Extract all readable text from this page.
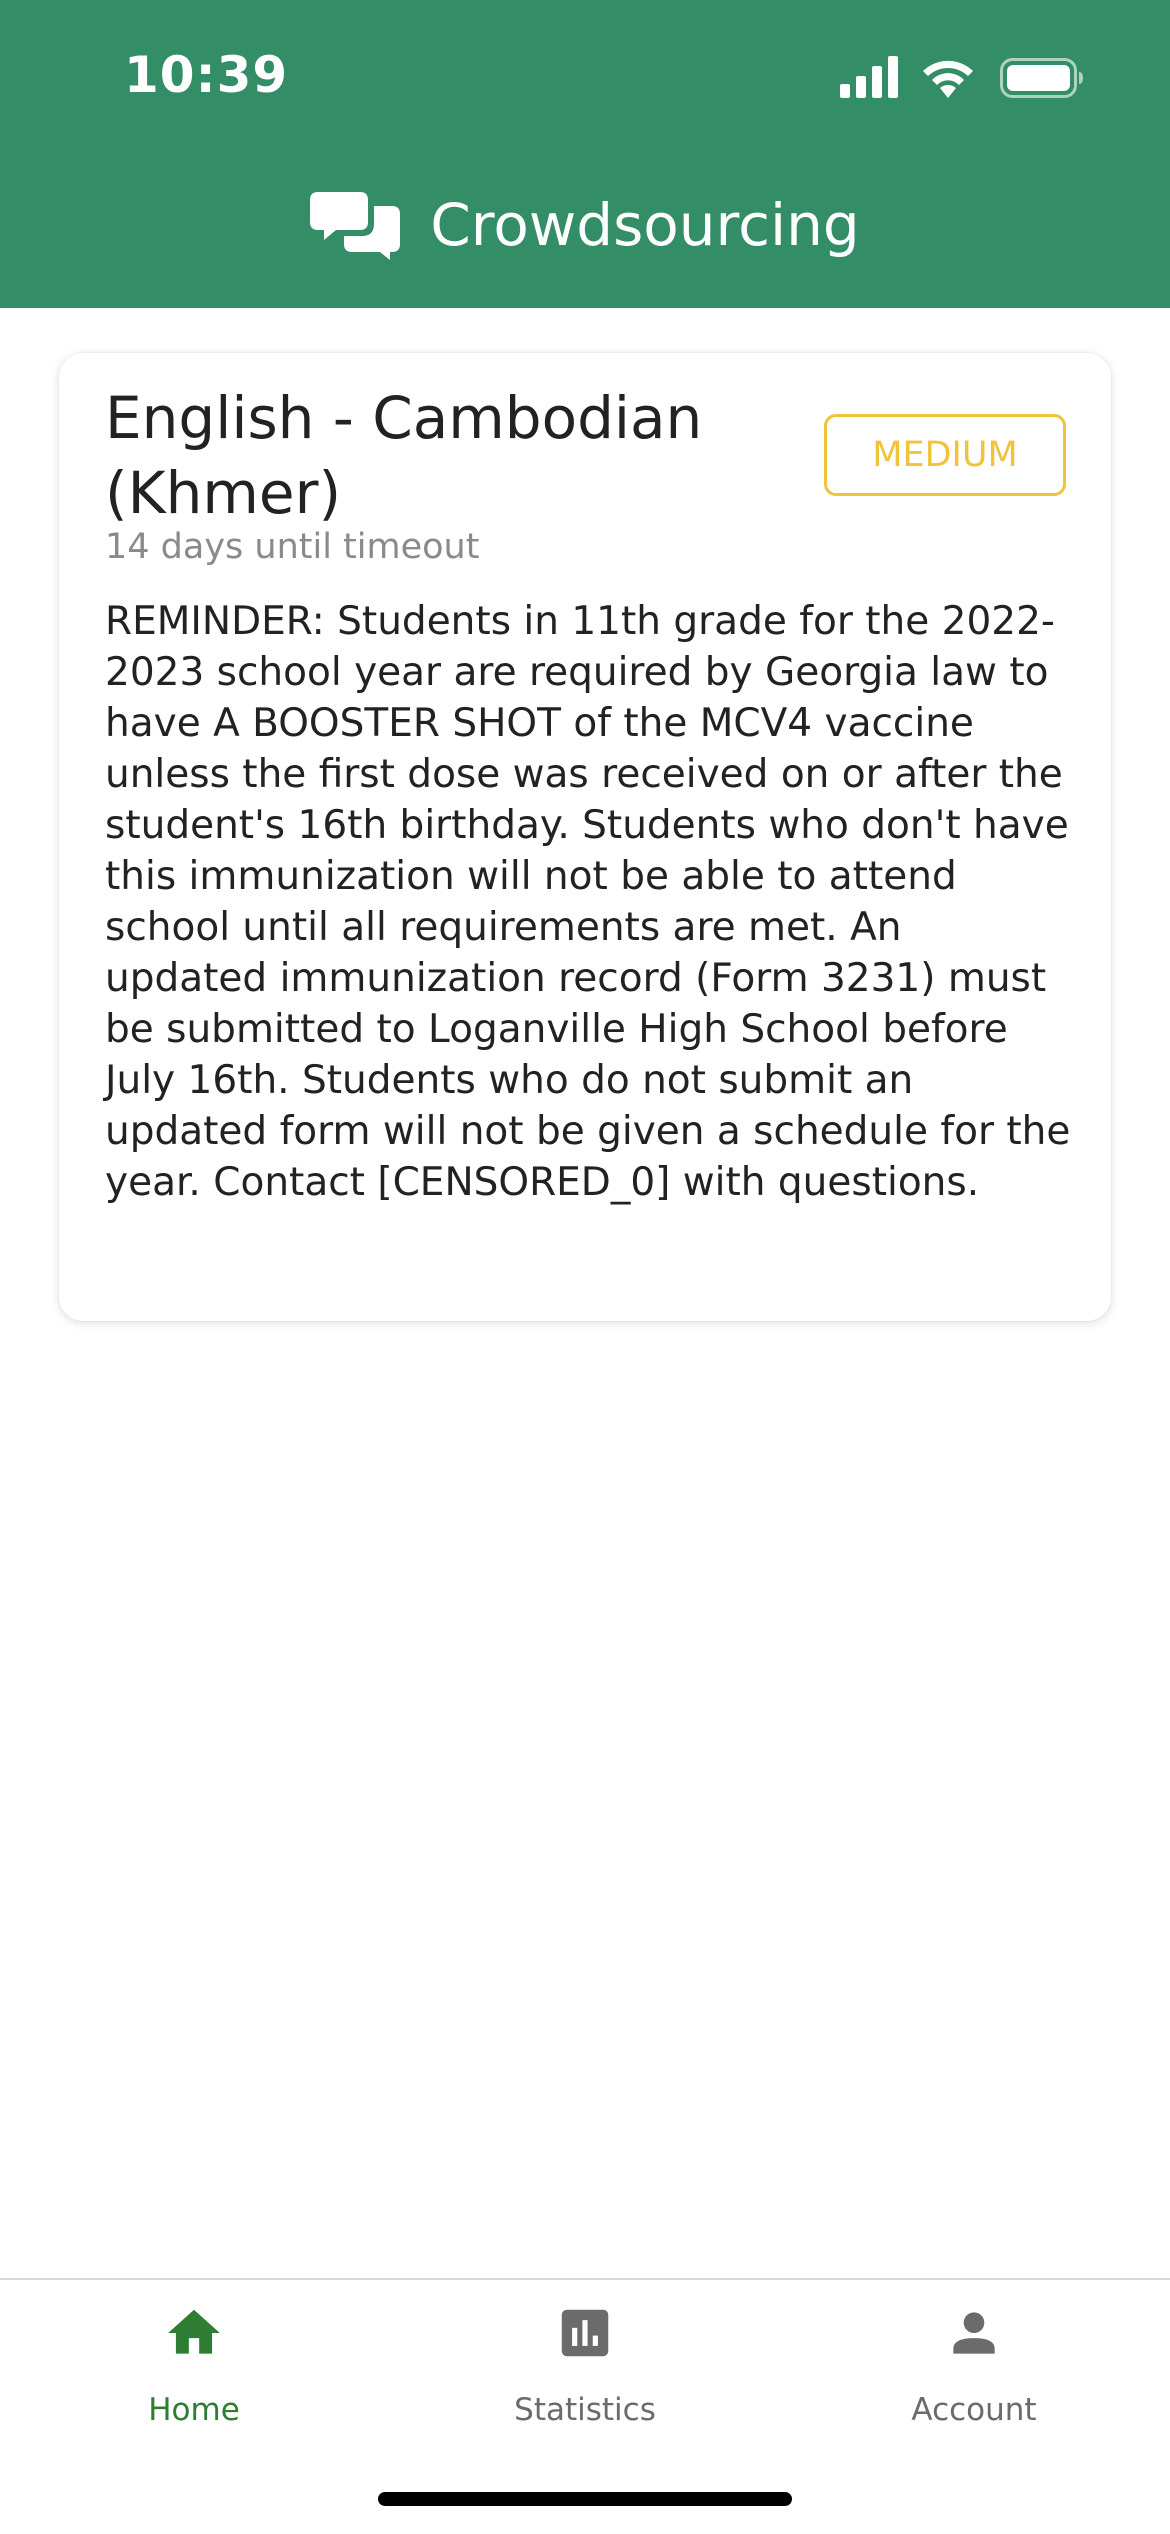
10:39
Crowdsourcing
English - Cambodian (Khmer)
MEDIUM
14 days until timeout
REMINDER: Students in 11th grade for the 2022-2023 school year are required by Georgia law to have A BOOSTER SHOT of the MCV4 vaccine unless the first dose was received on or after the student's 16th birthday. Students who don't have this immunization will not be able to attend school until all requirements are met. An updated immunization record (Form 3231) must be submitted to Loganville High School before July 16th. Students who do not submit an updated form will not be given a schedule for the year. Contact [CENSORED_0] with questions.
Home	Statistics	Account
